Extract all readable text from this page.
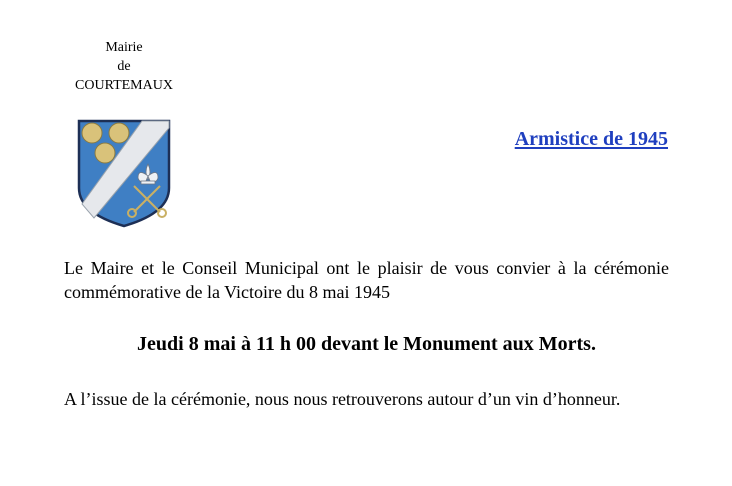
Mairie
de
COURTEMAUX
Armistice de 1945

Le Maire et le Conseil Municipal ont le plaisir de vous convier à la cérémonie commémorative de la Victoire du 8 mai 1945

Jeudi 8 mai à 11 h 00 devant le Monument aux Morts.

A l’issue de la cérémonie, nous nous retrouverons autour d’un vin d’honneur.
